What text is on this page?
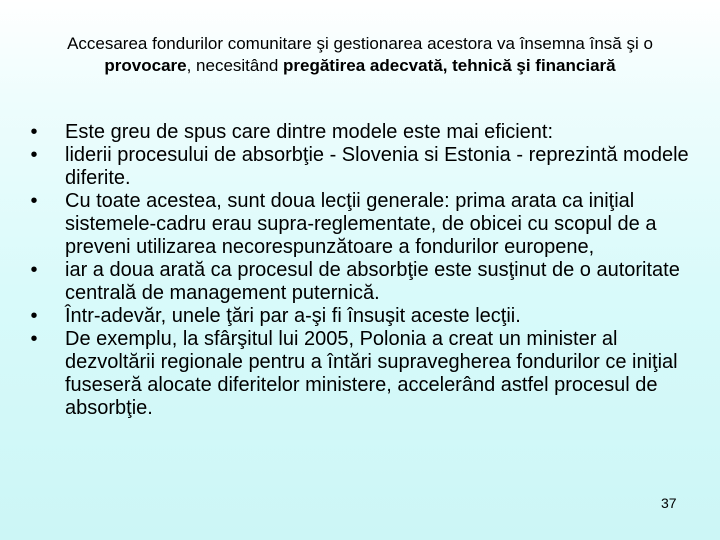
Accesarea fondurilor comunitare şi gestionarea acestora va însemna însă şi o provocare, necesitând pregătirea adecvată, tehnică şi financiară
• Este greu de spus care dintre modele este mai eficient:
• liderii procesului de absorbţie - Slovenia si Estonia - reprezintă modele diferite.
• Cu toate acestea, sunt doua lecţii generale: prima arata ca iniţial sistemele-cadru erau supra-reglementate, de obicei cu scopul de a preveni utilizarea necorespunzătoare a fondurilor europene,
• iar a doua arată ca procesul de absorbţie este susţinut de o autoritate centrală de management puternică.
• Într-adevăr, unele ţări par a-şi fi însuşit aceste lecţii.
• De exemplu, la sfârşitul lui 2005, Polonia a creat un minister al dezvoltării regionale pentru a întări supravegherea fondurilor ce iniţial fuseseră alocate diferitelor ministere, accelerând astfel procesul de absorbţie.
37
